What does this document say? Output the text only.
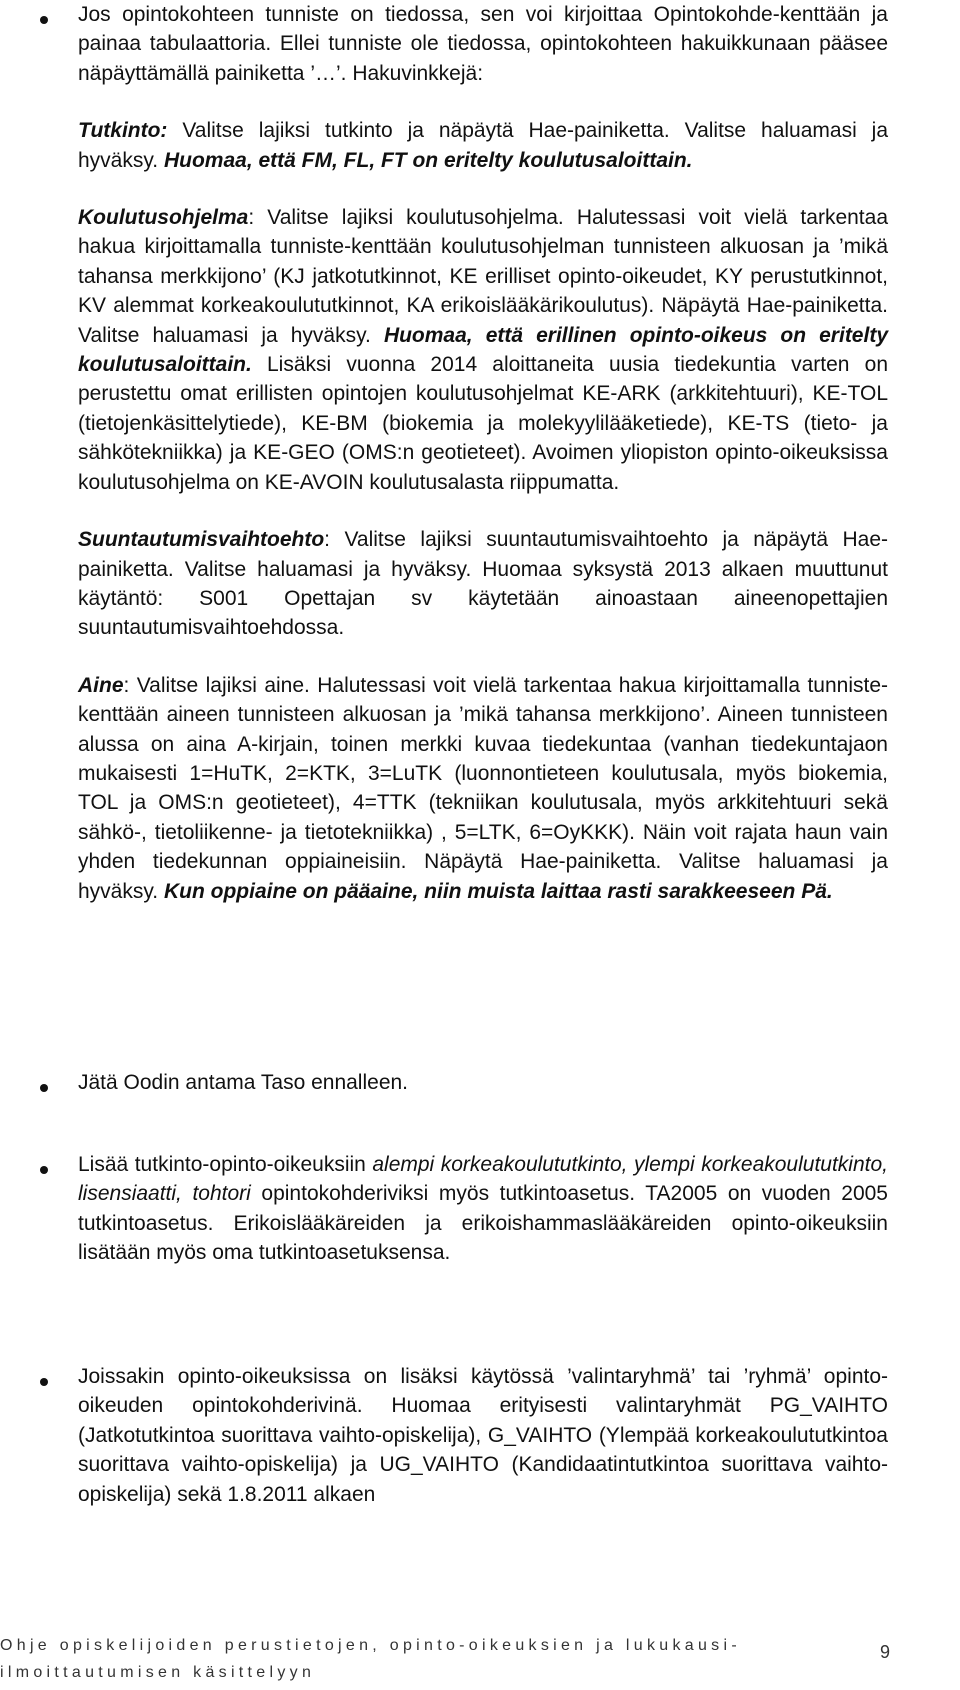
Jos opintokohteen tunniste on tiedossa, sen voi kirjoittaa Opintokohde-kenttään ja painaa tabulaattoria. Ellei tunniste ole tiedossa, opintokohteen hakuikkunaan pääsee näpäyttämällä painiketta ’…’. Hakuvinkkejä:

Tutkinto: Valitse lajiksi tutkinto ja näpäytä Hae-painiketta. Valitse haluamasi ja hyväksy. Huomaa, että FM, FL, FT on eritelty koulutusaloittain.

Koulutusohjelma: Valitse lajiksi koulutusohjelma. Halutessasi voit vielä tarkentaa hakua kirjoittamalla tunniste-kenttään koulutusohjelman tunnisteen alkuosan ja ’mikä tahansa merkkijono’ (KJ jatkotutkinnot, KE erilliset opinto-oikeudet, KY perustutkinnot, KV alemmat korkeakoulututkinnot, KA erikoislääkärikoulutus). Näpäytä Hae-painiketta. Valitse haluamasi ja hyväksy. Huomaa, että erillinen opinto-oikeus on eritelty koulutusaloittain. Lisäksi vuonna 2014 aloittaneita uusia tiedekuntia varten on perustettu omat erillisten opintojen koulutusohjelmat KE-ARK (arkkitehtuuri), KE-TOL (tietojenkäsittelytiede), KE-BM (biokemia ja molekyylilääketiede), KE-TS (tieto- ja sähkötekniikka) ja KE-GEO (OMS:n geotieteet). Avoimen yliopiston opinto-oikeuksissa koulutusohjelma on KE-AVOIN koulutusalasta riippumatta.

Suuntautumisvaihtoehto: Valitse lajiksi suuntautumisvaihtoehto ja näpäytä Hae-painiketta. Valitse haluamasi ja hyväksy. Huomaa syksystä 2013 alkaen muuttunut käytäntö: S001 Opettajan sv käytetään ainoastaan aineenopettajien suuntautumisvaihtoehdossa.

Aine: Valitse lajiksi aine. Halutessasi voit vielä tarkentaa hakua kirjoittamalla tunniste-kenttään aineen tunnisteen alkuosan ja ’mikä tahansa merkkijono’. Aineen tunnisteen alussa on aina A-kirjain, toinen merkki kuvaa tiedekuntaa (vanhan tiedekuntajaon mukaisesti 1=HuTK, 2=KTK, 3=LuTK (luonnontieteen koulutusala, myös biokemia, TOL ja OMS:n geotieteet), 4=TTK (tekniikan koulutusala, myös arkkitehtuuri sekä sähkö-, tietoliikenne- ja tietotekniikka) , 5=LTK, 6=OyKKK). Näin voit rajata haun vain yhden tiedekunnan oppiaineisiin. Näpäytä Hae-painiketta. Valitse haluamasi ja hyväksy. Kun oppiaine on pääaine, niin muista laittaa rasti sarakkeeseen Pä.

Jätä Oodin antama Taso ennalleen.

Lisää tutkinto-opinto-oikeuksiin alempi korkeakoulututkinto, ylempi korkeakoulututkinto, lisensiaatti, tohtori opintokohderiviksi myös tutkintoasetus. TA2005 on vuoden 2005 tutkintoasetus. Erikoislääkäreiden ja erikoishammaslääkäreiden opinto-oikeuksiin lisätään myös oma tutkintoasetuksensa.

Joissakin opinto-oikeuksissa on lisäksi käytössä ’valintaryhmä’ tai ’ryhmä’ opinto-oikeuden opintokohderivinä. Huomaa erityisesti valintaryhmät PG_VAIHTO (Jatkotutkintoa suorittava vaihto-opiskelija), G_VAIHTO (Ylempää korkeakoulututkintoa suorittava vaihto-opiskelija) ja UG_VAIHTO (Kandidaatintutkintoa suorittava vaihto-opiskelija) sekä 1.8.2011 alkaen

Ohje opiskelijoiden perustietojen, opinto-oikeuksien ja lukukausi-
ilmoittautumisen käsittelyyn
9
